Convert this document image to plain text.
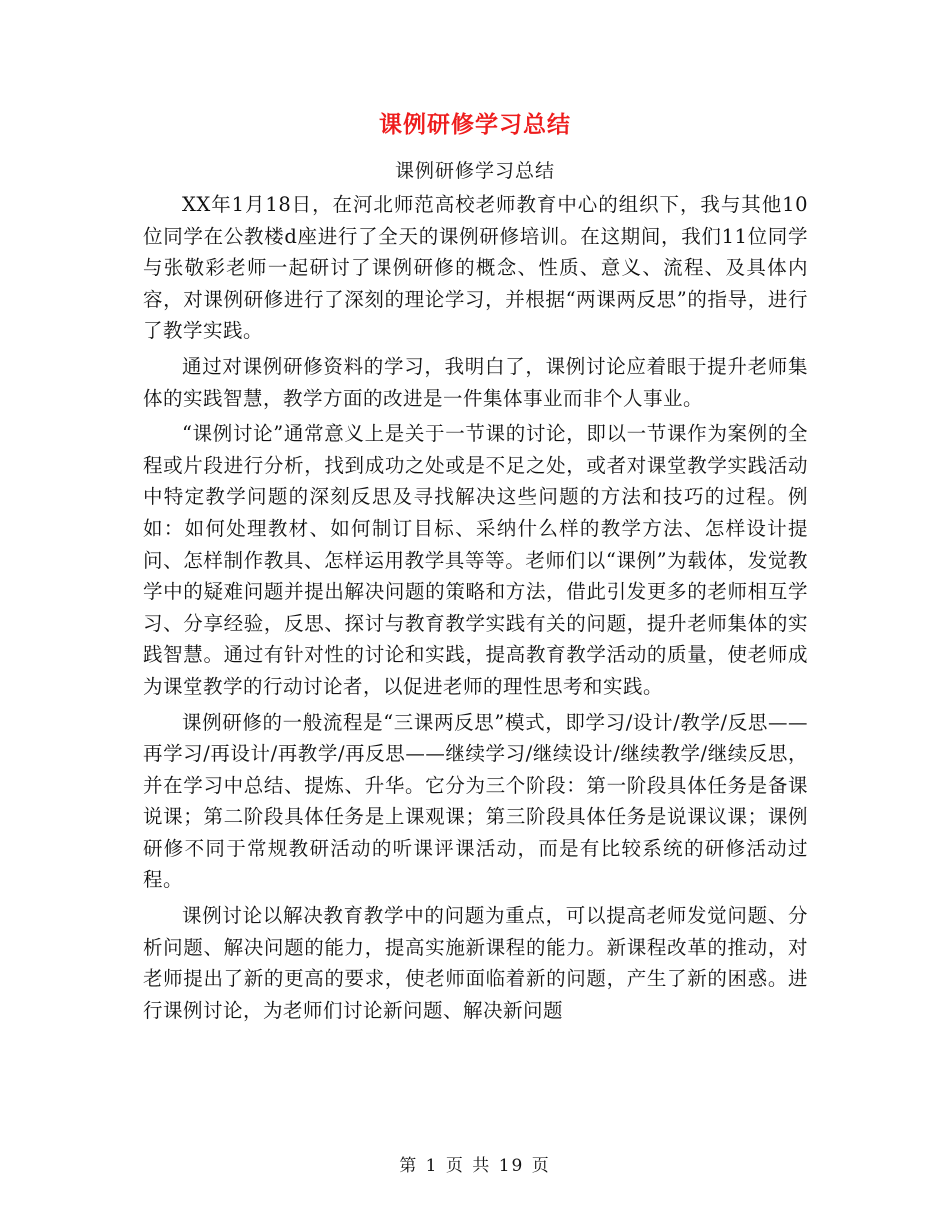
课例研修学习总结
课例研修学习总结

XX年1月18日，在河北师范高校老师教育中心的组织下，我与其他10位同学在公教楼d座进行了全天的课例研修培训。在这期间，我们11位同学与张敬彩老师一起研讨了课例研修的概念、性质、意义、流程、及具体内容，对课例研修进行了深刻的理论学习，并根据“两课两反思”的指导，进行了教学实践。

通过对课例研修资料的学习，我明白了，课例讨论应着眼于提升老师集体的实践智慧，教学方面的改进是一件集体事业而非个人事业。

“课例讨论”通常意义上是关于一节课的讨论，即以一节课作为案例的全程或片段进行分析，找到成功之处或是不足之处，或者对课堂教学实践活动中特定教学问题的深刻反思及寻找解决这些问题的方法和技巧的过程。例如：如何处理教材、如何制订目标、采纳什么样的教学方法、怎样设计提问、怎样制作教具、怎样运用教学具等等。老师们以“课例”为载体，发觉教学中的疑难问题并提出解决问题的策略和方法，借此引发更多的老师相互学习、分享经验，反思、探讨与教育教学实践有关的问题，提升老师集体的实践智慧。通过有针对性的讨论和实践，提高教育教学活动的质量，使老师成为课堂教学的行动讨论者，以促进老师的理性思考和实践。

课例研修的一般流程是“三课两反思”模式，即学习/设计/教学/反思——再学习/再设计/再教学/再反思——继续学习/继续设计/继续教学/继续反思，并在学习中总结、提炼、升华。它分为三个阶段：第一阶段具体任务是备课说课；第二阶段具体任务是上课观课；第三阶段具体任务是说课议课；课例研修不同于常规教研活动的听课评课活动，而是有比较系统的研修活动过程。

课例讨论以解决教育教学中的问题为重点，可以提高老师发觉问题、分析问题、解决问题的能力，提高实施新课程的能力。新课程改革的推动，对老师提出了新的更高的要求，使老师面临着新的问题，产生了新的困惑。进行课例讨论，为老师们讨论新问题、解决新问题

第 1 页 共 19 页
